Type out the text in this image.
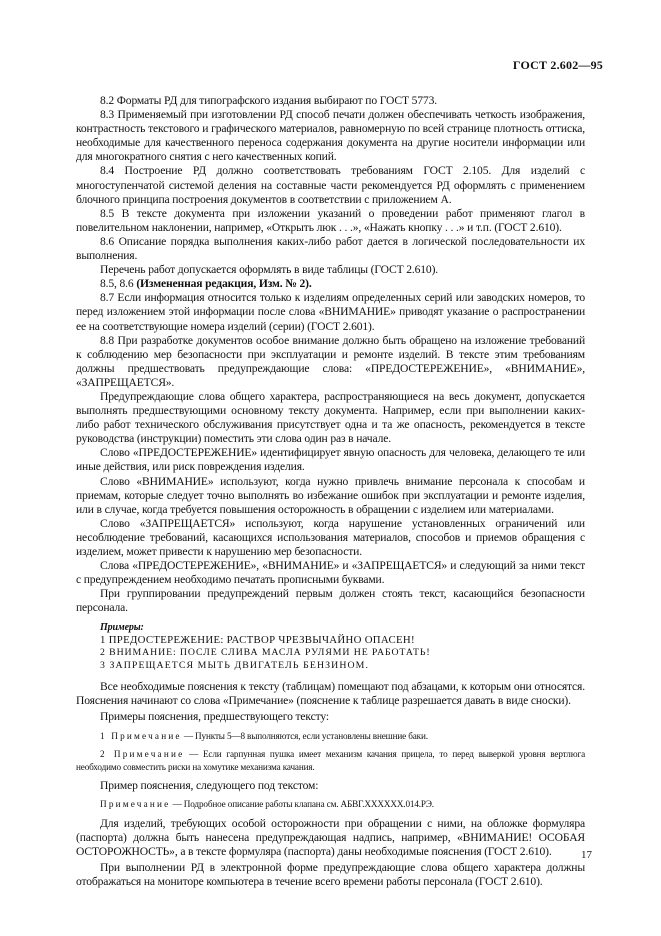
ГОСТ 2.602—95

8.2 Форматы РД для типографского издания выбирают по ГОСТ 5773.

8.3 Применяемый при изготовлении РД способ печати должен обеспечивать четкость изображения, контрастность текстового и графического материалов, равномерную по всей странице плотность оттиска, необходимые для качественного переноса содержания документа на другие носители информации или для многократного снятия с него качественных копий.

8.4 Построение РД должно соответствовать требованиям ГОСТ 2.105. Для изделий с многоступенчатой системой деления на составные части рекомендуется РД оформлять с применением блочного принципа построения документов в соответствии с приложением А.

8.5 В тексте документа при изложении указаний о проведении работ применяют глагол в повелительном наклонении, например, «Открыть люк . . .», «Нажать кнопку . . .» и т.п. (ГОСТ 2.610).

8.6 Описание порядка выполнения каких-либо работ дается в логической последовательности их выполнения.

Перечень работ допускается оформлять в виде таблицы (ГОСТ 2.610).

8.5, 8.6 (Измененная редакция, Изм. № 2).

8.7 Если информация относится только к изделиям определенных серий или заводских номеров, то перед изложением этой информации после слова «ВНИМАНИЕ» приводят указание о распространении ее на соответствующие номера изделий (серии) (ГОСТ 2.601).

8.8 При разработке документов особое внимание должно быть обращено на изложение требований к соблюдению мер безопасности при эксплуатации и ремонте изделий. В тексте этим требованиям должны предшествовать предупреждающие слова: «ПРЕДОСТЕРЕЖЕНИЕ», «ВНИМАНИЕ», «ЗАПРЕЩАЕТСЯ».

Предупреждающие слова общего характера, распространяющиеся на весь документ, допускается выполнять предшествующими основному тексту документа. Например, если при выполнении каких-либо работ технического обслуживания присутствует одна и та же опасность, рекомендуется в тексте руководства (инструкции) поместить эти слова один раз в начале.

Слово «ПРЕДОСТЕРЕЖЕНИЕ» идентифицирует явную опасность для человека, делающего те или иные действия, или риск повреждения изделия.

Слово «ВНИМАНИЕ» используют, когда нужно привлечь внимание персонала к способам и приемам, которые следует точно выполнять во избежание ошибок при эксплуатации и ремонте изделия, или в случае, когда требуется повышения осторожность в обращении с изделием или материалами.

Слово «ЗАПРЕЩАЕТСЯ» используют, когда нарушение установленных ограничений или несоблюдение требований, касающихся использования материалов, способов и приемов обращения с изделием, может привести к нарушению мер безопасности.

Слова «ПРЕДОСТЕРЕЖЕНИЕ», «ВНИМАНИЕ» и «ЗАПРЕЩАЕТСЯ» и следующий за ними текст с предупреждением необходимо печатать прописными буквами.

При группировании предупреждений первым должен стоять текст, касающийся безопасности персонала.

Примеры:

1 ПРЕДОСТЕРЕЖЕНИЕ: РАСТВОР ЧРЕЗВЫЧАЙНО ОПАСЕН!

2 ВНИМАНИЕ: ПОСЛЕ СЛИВА МАСЛА РУЛЯМИ НЕ РАБОТАТЬ!

3 ЗАПРЕЩАЕТСЯ МЫТЬ ДВИГАТЕЛЬ БЕНЗИНОМ.

Все необходимые пояснения к тексту (таблицам) помещают под абзацами, к которым они относятся. Пояснения начинают со слова «Примечание» (пояснение к таблице разрешается давать в виде сноски).

Примеры пояснения, предшествующего тексту:

1 Примечание — Пункты 5—8 выполняются, если установлены внешние баки.

2 Примечание — Если гарпунная пушка имеет механизм качания прицела, то перед выверкой уровня вертлюга необходимо совместить риски на хомутике механизма качания.

Пример пояснения, следующего под текстом:

Примечание — Подробное описание работы клапана см. АБВГ.XXXXXX.014.РЭ.

Для изделий, требующих особой осторожности при обращении с ними, на обложке формуляра (паспорта) должна быть нанесена предупреждающая надпись, например, «ВНИМАНИЕ! ОСОБАЯ ОСТОРОЖНОСТЬ», а в тексте формуляра (паспорта) даны необходимые пояснения (ГОСТ 2.610).

При выполнении РД в электронной форме предупреждающие слова общего характера должны отображаться на мониторе компьютера в течение всего времени работы персонала (ГОСТ 2.610).

17
